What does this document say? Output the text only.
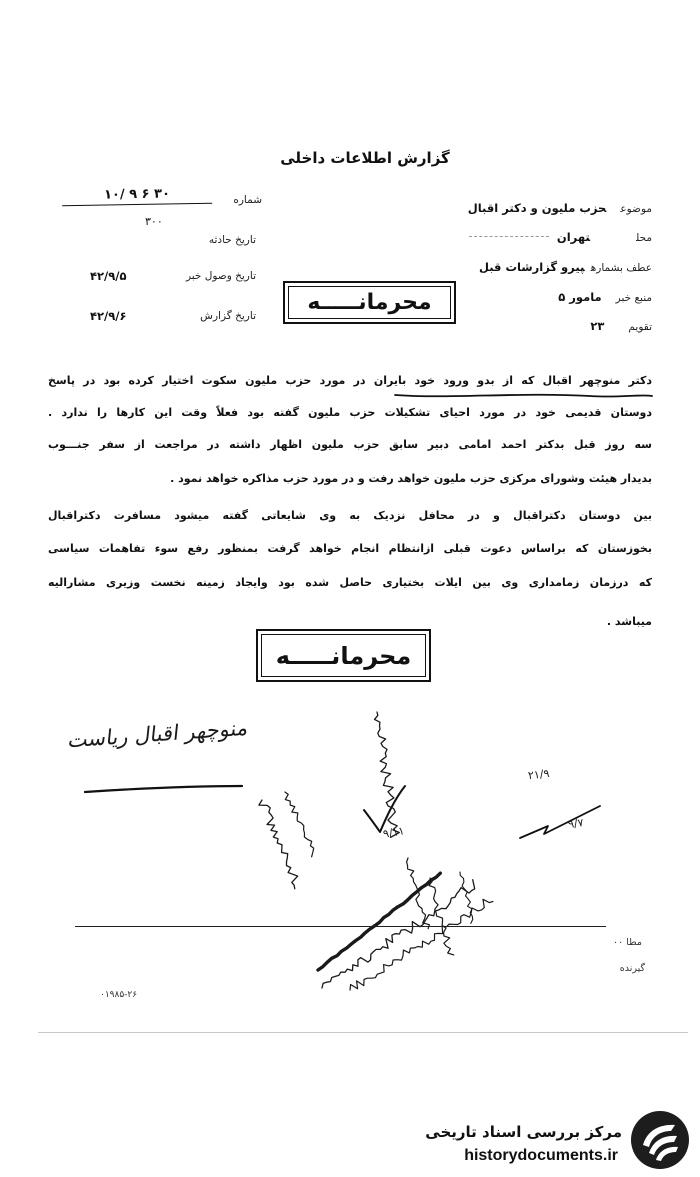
گزارش اطلاعات داخلی
موضوعحزب ملیون و دکتر اقبال
محلتهران
عطف بشمارهپیرو گزارشات قبل
منبع خبرمامور ۵
تقویم۲۳
شماره
۱۰/ ۹ ۶ ۳۰
۳۰۰
تاریخ حادثه
تاریخ وصول خبر
۴۲/۹/۵
تاریخ گزارش
۴۲/۹/۶
محرمانـــــه
دکتر منوچهر اقبال که از بدو ورود خود بایران در مورد حزب ملیون سکوت اختیار کرده بود در پاسخ
دوستان قدیمی خود در مورد احیای تشکیلات حزب ملیون گفته بود فعلاً وقت این کارها را ندارد .
سه روز قبل بدکتر احمد امامی دبیر سابق حزب ملیون اظهار داشته در مراجعت از سفر جنـــوب
بدیدار هیئت وشورای مرکزی حزب ملیون خواهد رفت و در مورد حزب مذاکره خواهد نمود .
بین دوستان دکتراقبال و در محافل نزدیک به وی شایعاتی گفته میشود مسافرت دکتراقبال
بخوزستان که براساس دعوت قبلی ازانتظام انجام خواهد گرفت بمنظور رفع سوء تفاهمات سیاسی
که درزمان زمامداری وی بین ایلات بختیاری حاصل شده بود وایجاد زمینه نخست وزیری مشارالیه
میباشد .
محرمانـــــه
منوچهر اقبال ریاست
۲۱/۹
۹/۷
۹/۱۱
۰۱۹۸۵-۲۶
مطا ۰۰
گیرنده
مرکز بررسی اسناد تاریخی
historydocuments.ir
